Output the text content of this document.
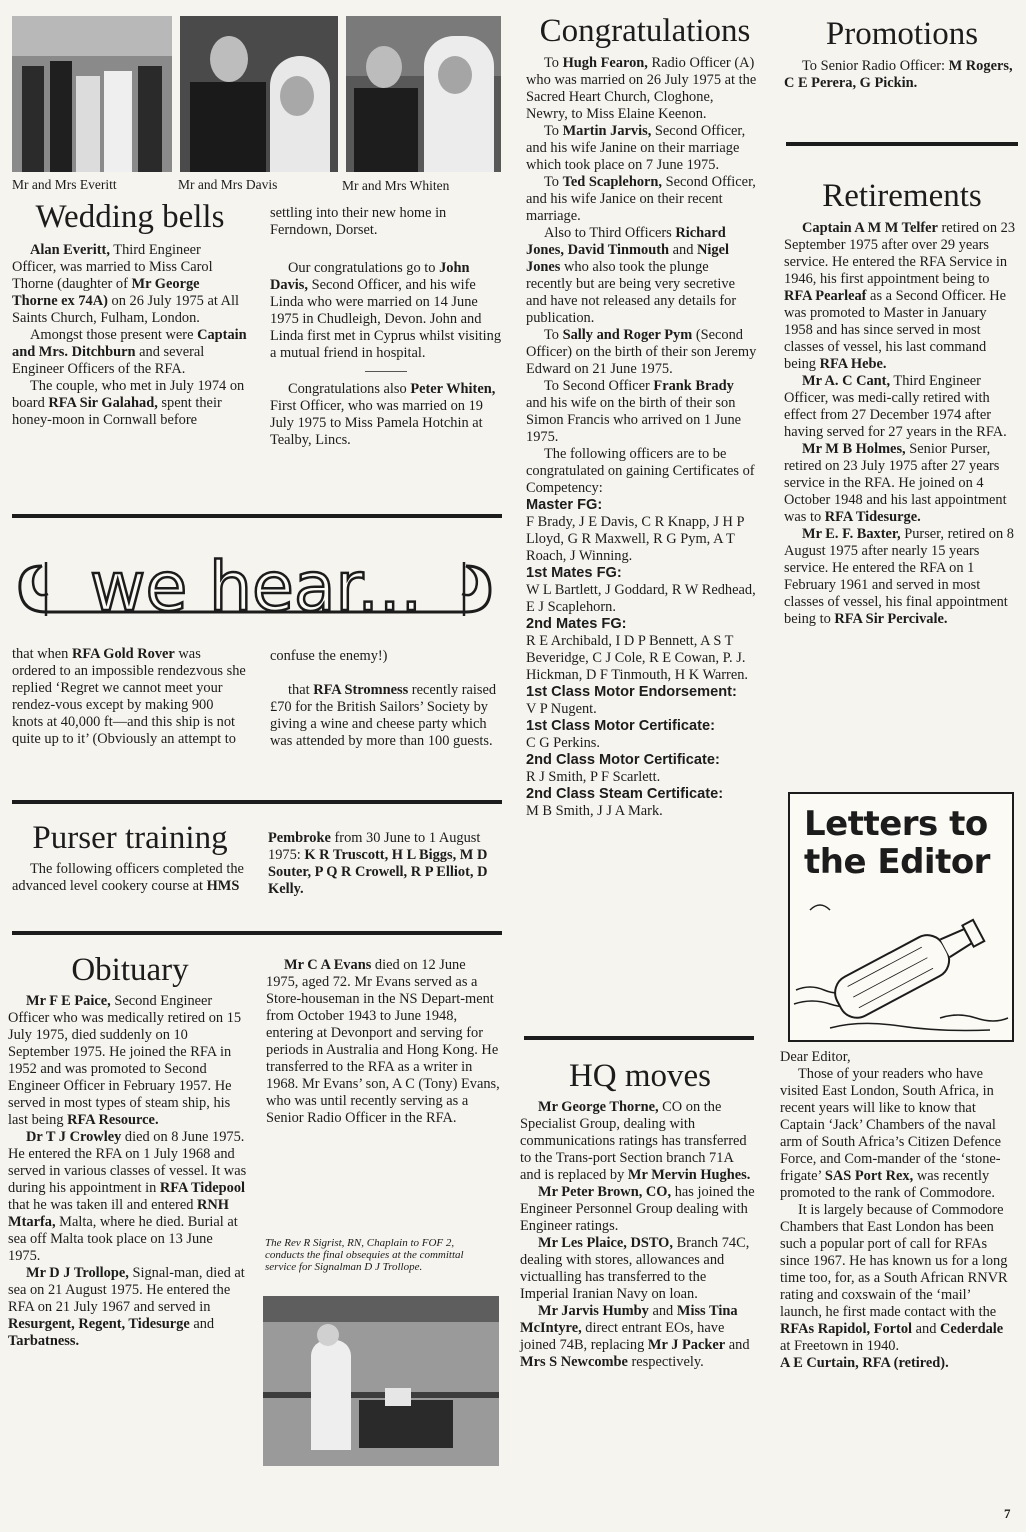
Mr and Mrs Everitt	Mr and Mrs Davis	Mr and Mrs Whiten
Wedding bells

Alan Everitt, Third Engineer Officer, was married to Miss Carol Thorne (daughter of Mr George Thorne ex 74A) on 26 July 1975 at All Saints Church, Fulham, London.

Amongst those present were Captain and Mrs. Ditchburn and several Engineer Officers of the RFA.

The couple, who met in July 1974 on board RFA Sir Galahad, spent their honey-moon in Cornwall before

settling into their new home in Ferndown, Dorset.

Our congratulations go to John Davis, Second Officer, and his wife Linda who were married on 14 June 1975 in Chudleigh, Devon. John and Linda first met in Cyprus whilst visiting a mutual friend in hospital.

Congratulations also Peter Whiten, First Officer, who was married on 19 July 1975 to Miss Pamela Hotchin at Tealby, Lincs.

we hear...

that when RFA Gold Rover was ordered to an impossible rendezvous she replied ‘Regret we cannot meet your rendez-vous except by making 900 knots at 40,000 ft—and this ship is not quite up to it’ (Obviously an attempt to

confuse the enemy!)

that RFA Stromness recently raised £70 for the British Sailors’ Society by giving a wine and cheese party which was attended by more than 100 guests.

Purser training

The following officers completed the advanced level cookery course at HMS

Pembroke from 30 June to 1 August 1975: K R Truscott, H L Biggs, M D Souter, P Q R Crowell, R P Elliot, D Kelly.

Obituary

Mr F E Paice, Second Engineer Officer who was medically retired on 15 July 1975, died suddenly on 10 September 1975. He joined the RFA in 1952 and was promoted to Second Engineer Officer in February 1957. He served in most types of steam ship, his last being RFA Resource.

Dr T J Crowley died on 8 June 1975. He entered the RFA on 1 July 1968 and served in various classes of vessel. It was during his appointment in RFA Tidepool that he was taken ill and entered RNH Mtarfa, Malta, where he died. Burial at sea off Malta took place on 13 June 1975.

Mr D J Trollope, Signal-man, died at sea on 21 August 1975. He entered the RFA on 21 July 1967 and served in Resurgent, Regent, Tidesurge and Tarbatness.

Mr C A Evans died on 12 June 1975, aged 72. Mr Evans served as a Store-houseman in the NS Depart-ment from October 1943 to June 1948, entering at Devonport and serving for periods in Australia and Hong Kong. He transferred to the RFA as a writer in 1968. Mr Evans’ son, A C (Tony) Evans, who was until recently serving as a Senior Radio Officer in the RFA.

The Rev R Sigrist, RN, Chaplain to FOF 2, conducts the final obsequies at the committal service for Signalman D J Trollope.
Congratulations

To Hugh Fearon, Radio Officer (A) who was married on 26 July 1975 at the Sacred Heart Church, Cloghone, Newry, to Miss Elaine Keenon.

To Martin Jarvis, Second Officer, and his wife Janine on their marriage which took place on 7 June 1975.

To Ted Scaplehorn, Second Officer, and his wife Janice on their recent marriage.

Also to Third Officers Richard Jones, David Tinmouth and Nigel Jones who also took the plunge recently but are being very secretive and have not released any details for publication.

To Sally and Roger Pym (Second Officer) on the birth of their son Jeremy Edward on 21 June 1975.

To Second Officer Frank Brady and his wife on the birth of their son Simon Francis who arrived on 1 June 1975.

The following officers are to be congratulated on gaining Certificates of Competency:

Master FG:

F Brady, J E Davis, C R Knapp, J H P Lloyd, G R Maxwell, R G Pym, A T Roach, J Winning.

1st Mates FG:

W L Bartlett, J Goddard, R W Redhead, E J Scaplehorn.

2nd Mates FG:

R E Archibald, I D P Bennett, A S T Beveridge, C J Cole, R E Cowan, P. J. Hickman, D F Tinmouth, H K Warren.

1st Class Motor Endorsement:

V P Nugent.

1st Class Motor Certificate:

C G Perkins.

2nd Class Motor Certificate:

R J Smith, P F Scarlett.

2nd Class Steam Certificate:

M B Smith, J J A Mark.

HQ moves

Mr George Thorne, CO on the Specialist Group, dealing with communications ratings has transferred to the Trans-port Section branch 71A and is replaced by Mr Mervin Hughes.

Mr Peter Brown, CO, has joined the Engineer Personnel Group dealing with Engineer ratings.

Mr Les Plaice, DSTO, Branch 74C, dealing with stores, allowances and victualling has transferred to the Imperial Iranian Navy on loan.

Mr Jarvis Humby and Miss Tina McIntyre, direct entrant EOs, have joined 74B, replacing Mr J Packer and Mrs S Newcombe respectively.

Promotions

To Senior Radio Officer: M Rogers, C E Perera, G Pickin.

Retirements

Captain A M M Telfer retired on 23 September 1975 after over 29 years service. He entered the RFA Service in 1946, his first appointment being to RFA Pearleaf as a Second Officer. He was promoted to Master in January 1958 and has since served in most classes of vessel, his last command being RFA Hebe.

Mr A. C Cant, Third Engineer Officer, was medi-cally retired with effect from 27 December 1974 after having served for 27 years in the RFA.

Mr M B Holmes, Senior Purser, retired on 23 July 1975 after 27 years service in the RFA. He joined on 4 October 1948 and his last appointment was to RFA Tidesurge.

Mr E. F. Baxter, Purser, retired on 8 August 1975 after nearly 15 years service. He entered the RFA on 1 February 1961 and served in most classes of vessel, his final appointment being to RFA Sir Percivale.

Letters to
the Editor

Dear Editor,

Those of your readers who have visited East London, South Africa, in recent years will like to know that Captain ‘Jack’ Chambers of the naval arm of South Africa’s Citizen Defence Force, and Com-mander of the ‘stone-frigate’ SAS Port Rex, was recently promoted to the rank of Commodore.

It is largely because of Commodore Chambers that East London has been such a popular port of call for RFAs since 1967. He has known us for a long time too, for, as a South African RNVR rating and coxswain of the ‘mail’ launch, he first made contact with the RFAs Rapidol, Fortol and Cederdale at Freetown in 1940.

A E Curtain, RFA (retired).

7
